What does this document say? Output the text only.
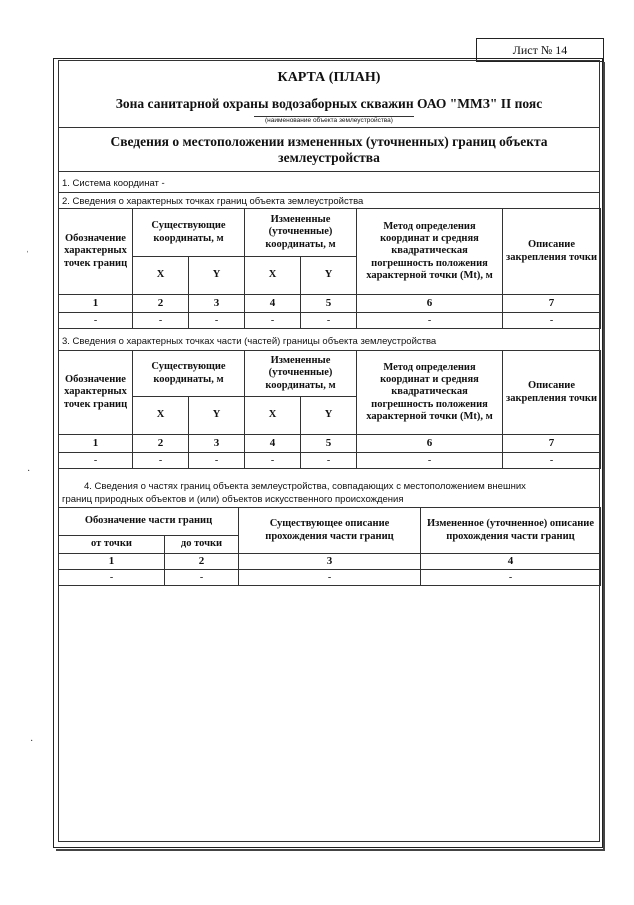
Лист № 14
ˈ
·
·
КАРТА (ПЛАН)
Зона санитарной охраны водозаборных скважин ОАО "ММЗ" II пояс
(наименование объекта землеустройства)
Сведения о местоположении измененных (уточненных) границ объекта
землеустройства
1. Система координат -
2. Сведения о характерных точках границ объекта землеустройства
Обозначение характерных точек границ	Существующие координаты, м		Измененные (уточненные) координаты, м		Метод определения координат и средняя квадратическая погрешность положения характерной точки (Mt), м	Описание закрепления точки
	X	Y	X	Y		
1	2	3	4	5	6	7
-	-	-	-	-	-	-
3. Сведения о характерных точках части (частей) границы объекта землеустройства
Обозначение характерных точек границ	Существующие координаты, м		Измененные (уточненные) координаты, м		Метод определения координат и средняя квадратическая погрешность положения характерной точки (Mt), м	Описание закрепления точки
	X	Y	X	Y		
1	2	3	4	5	6	7
-	-	-	-	-	-	-
4. Сведения о частях границ объекта землеустройства, совпадающих с местоположением внешних
границ природных объектов и (или) объектов искусственного происхождения
Обозначение части границ		Существующее описание прохождения части границ	Измененное (уточненное) описание прохождения части границ
от точки	до точки		
1	2	3	4
-	-	-	-
